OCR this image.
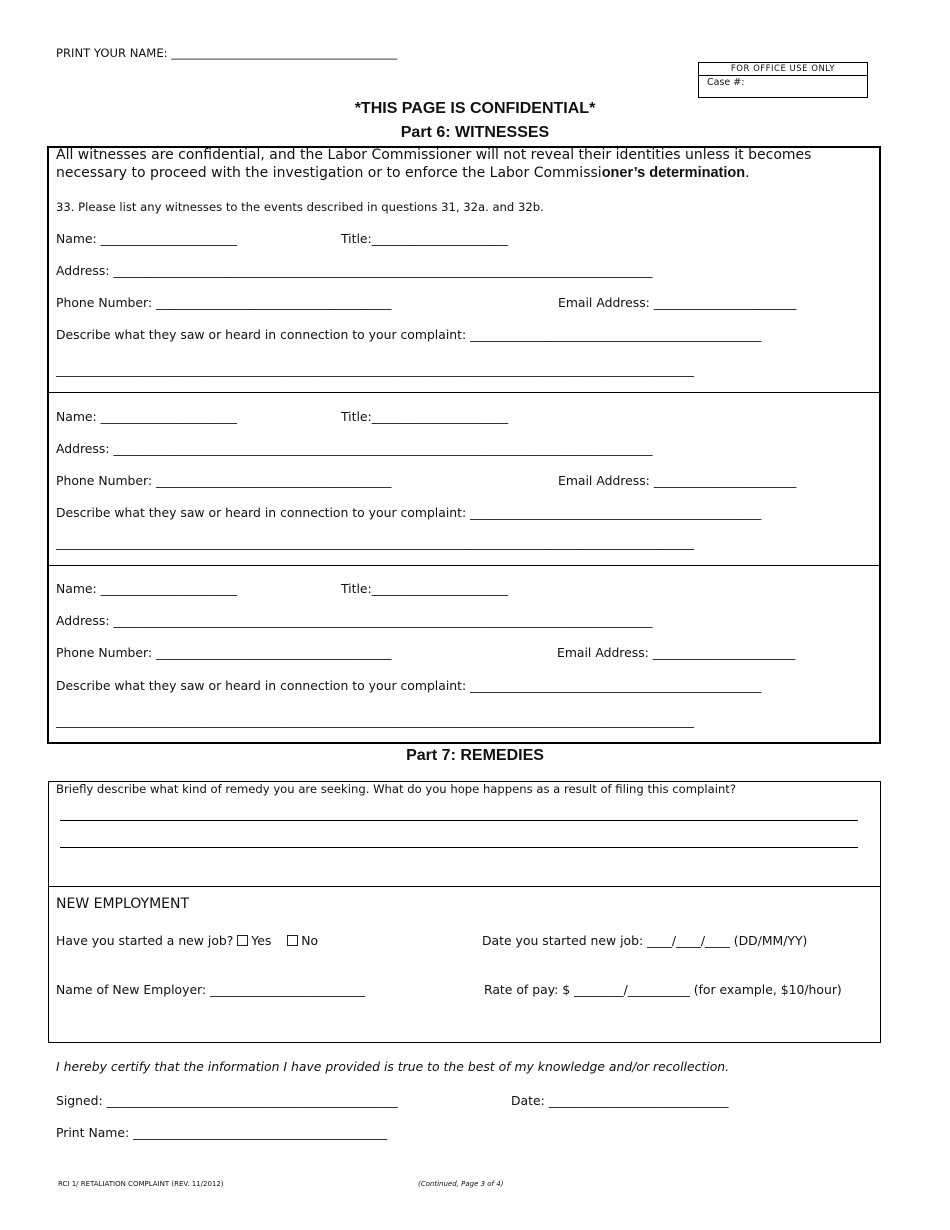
PRINT YOUR NAME: _______________________________________
FOR OFFICE USE ONLY
Case #:
*THIS PAGE IS CONFIDENTIAL*
Part 6: WITNESSES
All witnesses are confidential, and the Labor Commissioner will not reveal their identities unless it becomes
necessary to proceed with the investigation or to enforce the Labor Commissioner’s determination.
33. Please list any witnesses to the events described in questions 31, 32a. and 32b.
Name: ______________________	Title:______________________
Address: _______________________________________________________________________________________
Phone Number: ______________________________________	Email Address: _______________________
Describe what they saw or heard in connection to your complaint: _______________________________________________
_______________________________________________________________________________________________________
Name: ______________________	Title:______________________
Address: _______________________________________________________________________________________
Phone Number: ______________________________________	Email Address: _______________________
Describe what they saw or heard in connection to your complaint: _______________________________________________
_______________________________________________________________________________________________________
Name: ______________________	Title:______________________
Address: _______________________________________________________________________________________
Phone Number: ______________________________________	Email Address: _______________________
Describe what they saw or heard in connection to your complaint: _______________________________________________
_______________________________________________________________________________________________________
Part 7: REMEDIES
Briefly describe what kind of remedy you are seeking. What do you hope happens as a result of filing this complaint?
NEW EMPLOYMENT
Have you started a new job? Yes No	Date you started new job: ____/____/____ (DD/MM/YY)
Name of New Employer: _________________________	Rate of pay: $ ________/__________ (for example, $10/hour)
I hereby certify that the information I have provided is true to the best of my knowledge and/or recollection.
Signed: _______________________________________________	Date: _____________________________
Print Name: _________________________________________
RCI 1/ RETALIATION COMPLAINT (REV. 11/2012)	(Continued, Page 3 of 4)
